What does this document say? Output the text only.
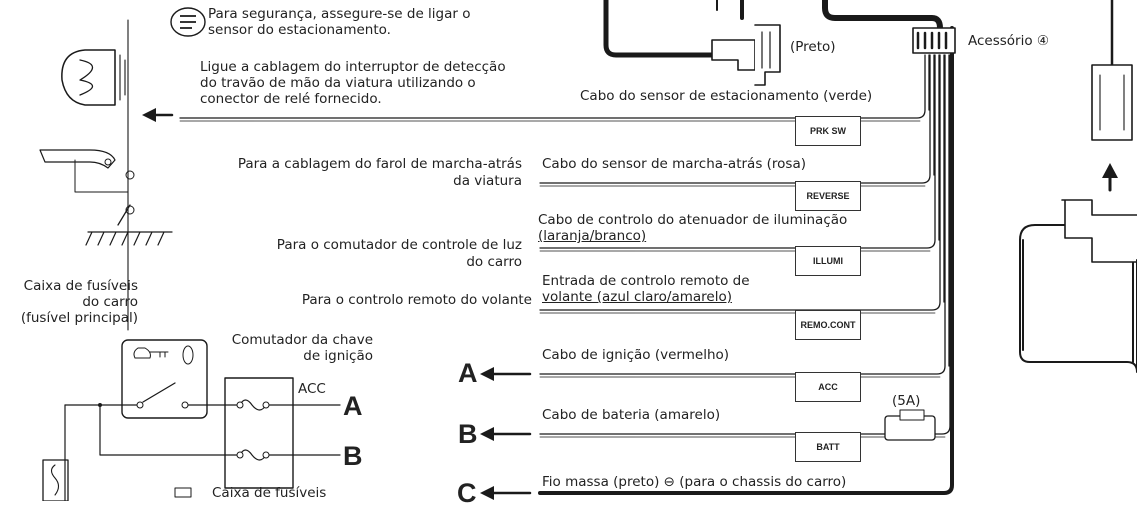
Para segurança, assegure-se de ligar o
sensor do estacionamento.
Ligue a cablagem do interruptor de detecção
do travão de mão da viatura utilizando o
conector de relé fornecido.
(Preto)	Acessório ④
Cabo do sensor de estacionamento (verde)
Cabo do sensor de marcha-atrás (rosa)
Cabo de controlo do atenuador de iluminação
(laranja/branco)
Entrada de controlo remoto de
volante (azul claro/amarelo)
Cabo de ignição (vermelho)
Cabo de bateria (amarelo)
Fio massa (preto) ⊖ (para o chassis do carro)
(5A)
PRK SW
REVERSE
ILLUMI
REMO.CONT
ACC
BATT
Para a cablagem do farol de marcha-atrás
da viatura
Para o comutador de controle de luz
do carro
Para o controlo remoto do volante
Caixa de fusíveis
do carro
(fusível principal)
Comutador da chave
de ignição
ACC
A
B
A
B
C
Caixa de fusíveis
